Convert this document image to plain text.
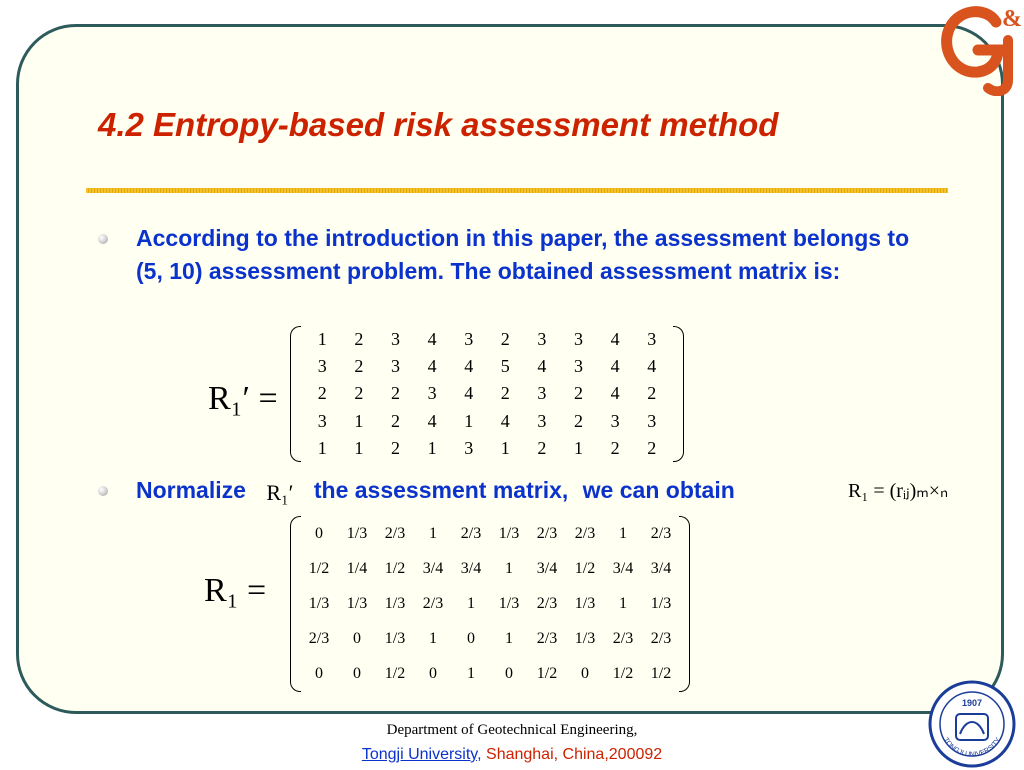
&
4.2 Entropy-based risk assessment method

According to the introduction in this paper, the assessment belongs to (5, 10) assessment problem. The obtained assessment matrix is:

R₁′ =
1	2	3	4	3	2	3	3	4	3
3	2	3	4	4	5	4	3	4	4
2	2	2	3	4	2	3	2	4	2
3	1	2	4	1	4	3	2	3	3
1	1	2	1	3	1	2	1	2	2

Normalize R₁′ the assessment matrix, we can obtain	R₁ = (rᵢⱼ)ₘ×ₙ
R₁ =
0	1/3	2/3	1	2/3	1/3	2/3	2/3	1	2/3
1/2	1/4	1/2	3/4	3/4	1	3/4	1/2	3/4	3/4
1/3	1/3	1/3	2/3	1	1/3	2/3	1/3	1	1/3
2/3	0	1/3	1	0	1	2/3	1/3	2/3	2/3
0	0	1/2	0	1	0	1/2	0	1/2	1/2
Department of Geotechnical Engineering,
Tongji University, Shanghai, China,200092
1907
TONGJI UNIVERSITY
